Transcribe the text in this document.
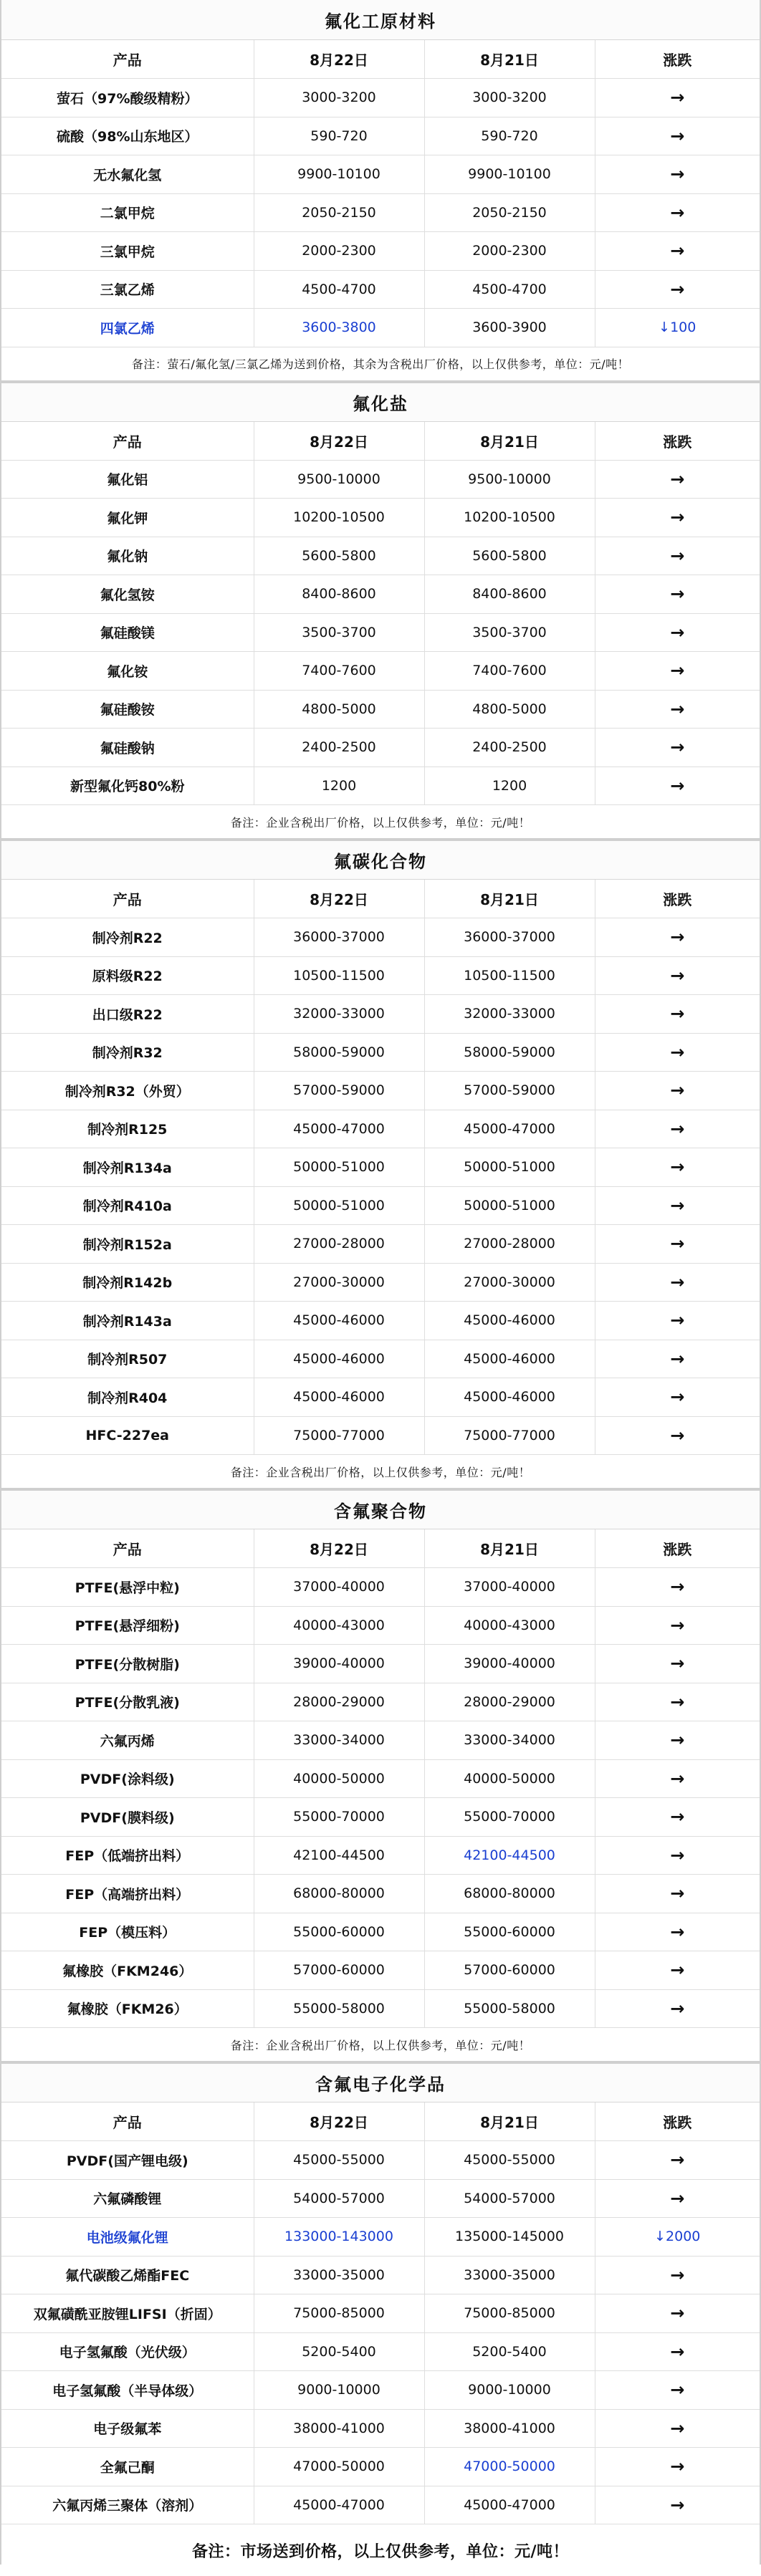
氟化工原材料
产品	8月22日	8月21日	涨跌
萤石（97%酸级精粉）	3000-3200	3000-3200	→
硫酸（98%山东地区）	590-720	590-720	→
无水氟化氢	9900-10100	9900-10100	→
二氯甲烷	2050-2150	2050-2150	→
三氯甲烷	2000-2300	2000-2300	→
三氯乙烯	4500-4700	4500-4700	→
四氯乙烯	3600-3800	3600-3900	↓100
备注：萤石/氟化氢/三氯乙烯为送到价格，其余为含税出厂价格，以上仅供参考，单位：元/吨！
氟化盐
产品	8月22日	8月21日	涨跌
氟化铝	9500-10000	9500-10000	→
氟化钾	10200-10500	10200-10500	→
氟化钠	5600-5800	5600-5800	→
氟化氢铵	8400-8600	8400-8600	→
氟硅酸镁	3500-3700	3500-3700	→
氟化铵	7400-7600	7400-7600	→
氟硅酸铵	4800-5000	4800-5000	→
氟硅酸钠	2400-2500	2400-2500	→
新型氟化钙80%粉	1200	1200	→
备注：企业含税出厂价格，以上仅供参考，单位：元/吨！
氟碳化合物
产品	8月22日	8月21日	涨跌
制冷剂R22	36000-37000	36000-37000	→
原料级R22	10500-11500	10500-11500	→
出口级R22	32000-33000	32000-33000	→
制冷剂R32	58000-59000	58000-59000	→
制冷剂R32（外贸）	57000-59000	57000-59000	→
制冷剂R125	45000-47000	45000-47000	→
制冷剂R134a	50000-51000	50000-51000	→
制冷剂R410a	50000-51000	50000-51000	→
制冷剂R152a	27000-28000	27000-28000	→
制冷剂R142b	27000-30000	27000-30000	→
制冷剂R143a	45000-46000	45000-46000	→
制冷剂R507	45000-46000	45000-46000	→
制冷剂R404	45000-46000	45000-46000	→
HFC-227ea	75000-77000	75000-77000	→
备注：企业含税出厂价格，以上仅供参考，单位：元/吨！
含氟聚合物
产品	8月22日	8月21日	涨跌
PTFE(悬浮中粒)	37000-40000	37000-40000	→
PTFE(悬浮细粉)	40000-43000	40000-43000	→
PTFE(分散树脂)	39000-40000	39000-40000	→
PTFE(分散乳液)	28000-29000	28000-29000	→
六氟丙烯	33000-34000	33000-34000	→
PVDF(涂料级)	40000-50000	40000-50000	→
PVDF(膜料级)	55000-70000	55000-70000	→
FEP（低端挤出料）	42100-44500	42100-44500	→
FEP（高端挤出料）	68000-80000	68000-80000	→
FEP（模压料）	55000-60000	55000-60000	→
氟橡胶（FKM246）	57000-60000	57000-60000	→
氟橡胶（FKM26）	55000-58000	55000-58000	→
备注：企业含税出厂价格，以上仅供参考，单位：元/吨！
含氟电子化学品
产品	8月22日	8月21日	涨跌
PVDF(国产锂电级)	45000-55000	45000-55000	→
六氟磷酸锂	54000-57000	54000-57000	→
电池级氟化锂	133000-143000	135000-145000	↓2000
氟代碳酸乙烯酯FEC	33000-35000	33000-35000	→
双氟磺酰亚胺锂LIFSI（折固）	75000-85000	75000-85000	→
电子氢氟酸（光伏级）	5200-5400	5200-5400	→
电子氢氟酸（半导体级）	9000-10000	9000-10000	→
电子级氟苯	38000-41000	38000-41000	→
全氟己酮	47000-50000	47000-50000	→
六氟丙烯三聚体（溶剂）	45000-47000	45000-47000	→
备注：市场送到价格，以上仅供参考，单位：元/吨！
